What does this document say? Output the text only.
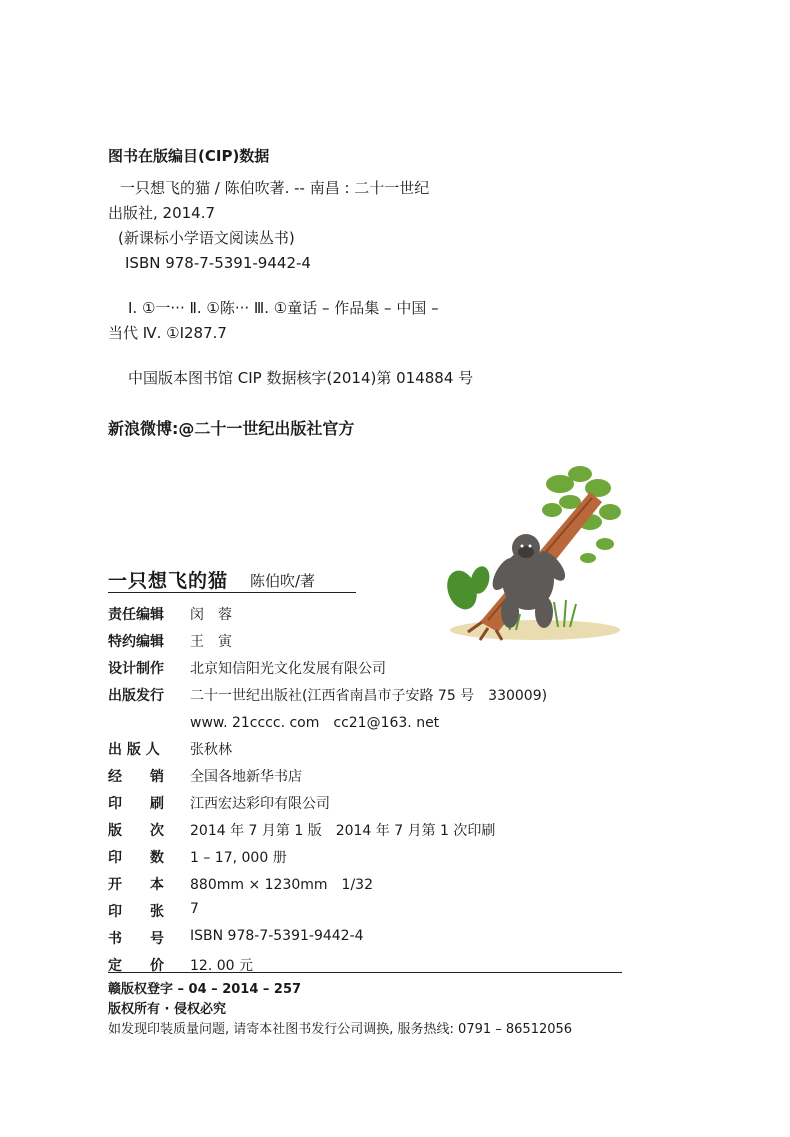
图书在版编目(CIP)数据
一只想飞的猫 / 陈伯吹著. -- 南昌 : 二十一世纪
出版社, 2014.7
(新课标小学语文阅读丛书)
ISBN 978-7-5391-9442-4
Ⅰ. ①一··· Ⅱ. ①陈··· Ⅲ. ①童话 – 作品集 – 中国 –
当代 Ⅳ. ①I287.7
中国版本图书馆 CIP 数据核字(2014)第 014884 号
新浪微博:@二十一世纪出版社官方
一只想飞的猫 陈伯吹/著
责任编辑 闵　蓉
特约编辑 王　寅
设计制作 北京知信阳光文化发展有限公司
出版发行 二十一世纪出版社(江西省南昌市子安路 75 号　330009)
www. 21cccc. com　cc21@163. net
出 版 人 张秋林
经　　销 全国各地新华书店
印　　刷 江西宏达彩印有限公司
版　　次 2014 年 7 月第 1 版　2014 年 7 月第 1 次印刷
印　　数 1 – 17, 000 册
开　　本 880mm × 1230mm　1/32
印　　张 7
书　　号 ISBN 978-7-5391-9442-4
定　　价 12. 00 元
赣版权登字 – 04 – 2014 – 257
版权所有 · 侵权必究
如发现印装质量问题, 请寄本社图书发行公司调换, 服务热线: 0791 – 86512056
